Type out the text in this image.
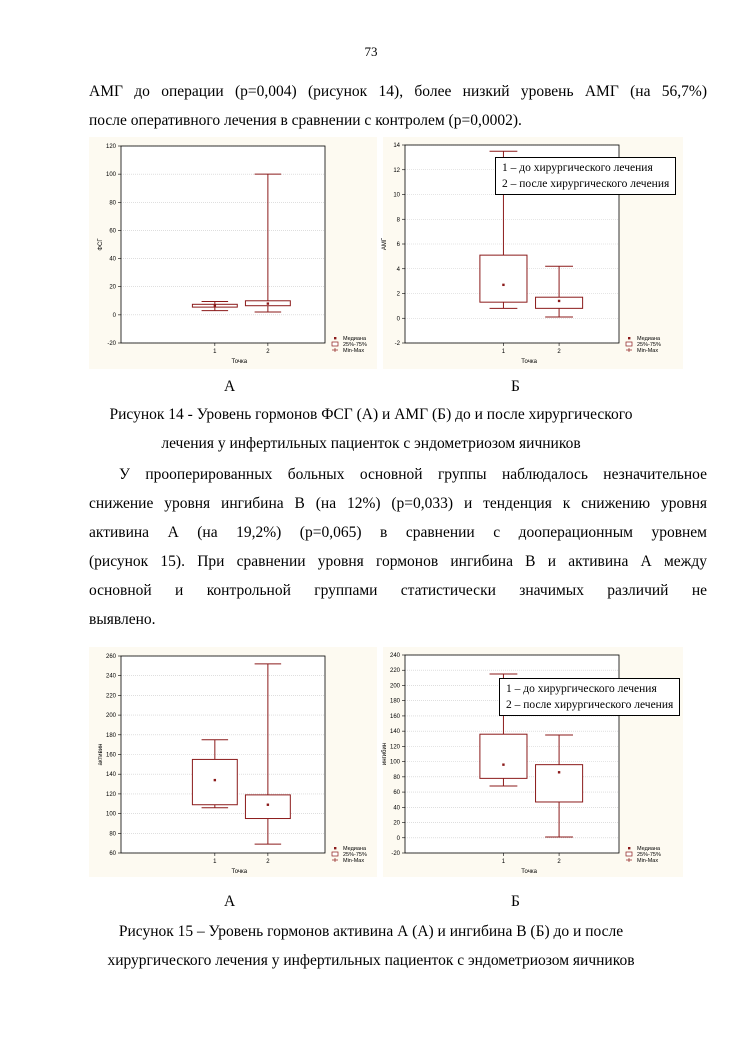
73
АМГ до операции (р=0,004) (рисунок 14), более низкий уровень АМГ (на 56,7%)
после оперативного лечения в сравнении с контролем (р=0,0002).
-20
0
20
40
60
80
100
120
ФСГ
1	2
Точка
Медиана
25%-75%
Min-Max
-2
0
2
4
6
8
10
12
14
АМГ
1	2
Точка
Медиана
25%-75%
Min-Max
1 – до хирургического лечения
2 – после хирургического лечения
А	Б
Рисунок 14 - Уровень гормонов ФСГ (А) и АМГ (Б) до и после хирургического
лечения у инфертильных пациенток с эндометриозом яичников
У прооперированных больных основной группы наблюдалось незначительное
снижение уровня ингибина В (на 12%) (р=0,033) и тенденция к снижению уровня
активина А (на 19,2%) (р=0,065) в сравнении с дооперационным уровнем
(рисунок 15). При сравнении уровня гормонов ингибина В и активина А между
основной и контрольной группами статистически значимых различий не
выявлено.
60
80
100
120
140
160
180
200
220
240
260
активин
1	2
Точка
Медиана
25%-75%
Min-Max
-20
0
20
40
60
80
100
120
140
160
180
200
220
240
ингибин
1	2
Точка
Медиана
25%-75%
Min-Max
1 – до хирургического лечения
2 – после хирургического лечения
А	Б
Рисунок 15 – Уровень гормонов активина А (А) и ингибина В (Б) до и после
хирургического лечения у инфертильных пациенток с эндометриозом яичников
